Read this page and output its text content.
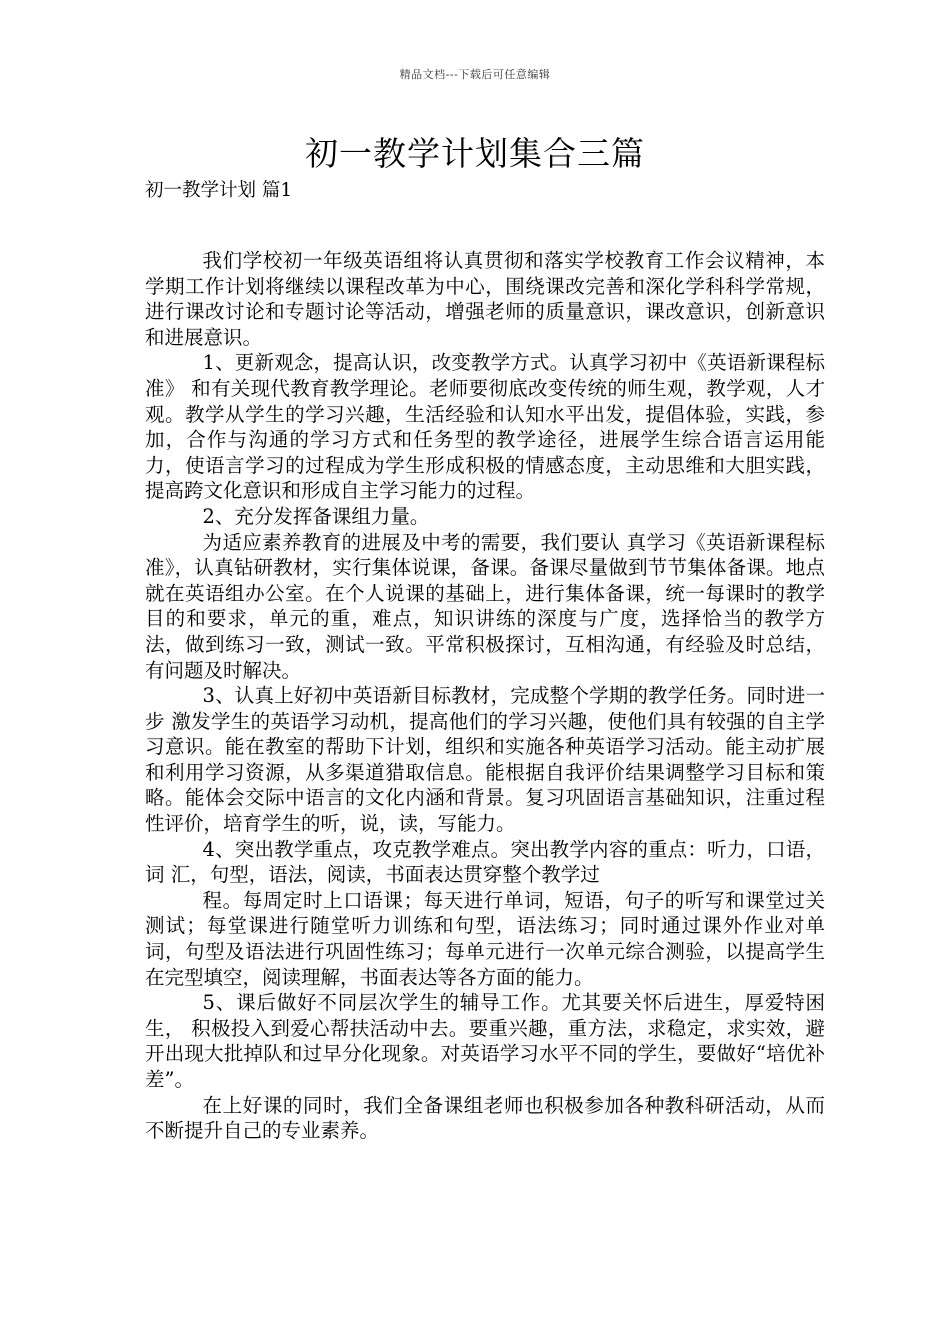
精品文档---下载后可任意编辑
初一教学计划集合三篇
初一教学计划 篇1

我们学校初一年级英语组将认真贯彻和落实学校教育工作会议精神，本学期工作计划将继续以课程改革为中心，围绕课改完善和深化学科科学常规，进行课改讨论和专题讨论等活动，增强老师的质量意识，课改意识，创新意识和进展意识。

1、更新观念，提高认识，改变教学方式。认真学习初中《英语新课程标准》 和有关现代教育教学理论。老师要彻底改变传统的师生观，教学观，人才观。教学从学生的学习兴趣，生活经验和认知水平出发，提倡体验，实践，参加，合作与沟通的学习方式和任务型的教学途径，进展学生综合语言运用能力，使语言学习的过程成为学生形成积极的情感态度，主动思维和大胆实践，提高跨文化意识和形成自主学习能力的过程。

2、充分发挥备课组力量。

为适应素养教育的进展及中考的需要，我们要认 真学习《英语新课程标准》，认真钻研教材，实行集体说课，备课。备课尽量做到节节集体备课。地点就在英语组办公室。在个人说课的基础上，进行集体备课，统一每课时的教学目的和要求，单元的重，难点，知识讲练的深度与广度，选择恰当的教学方法，做到练习一致，测试一致。平常积极探讨，互相沟通，有经验及时总结，有问题及时解决。

3、认真上好初中英语新目标教材，完成整个学期的教学任务。同时进一步 激发学生的英语学习动机，提高他们的学习兴趣，使他们具有较强的自主学习意识。能在教室的帮助下计划，组织和实施各种英语学习活动。能主动扩展和利用学习资源，从多渠道猎取信息。能根据自我评价结果调整学习目标和策略。能体会交际中语言的文化内涵和背景。复习巩固语言基础知识，注重过程性评价，培育学生的听，说，读，写能力。

4、突出教学重点，攻克教学难点。突出教学内容的重点：听力，口语，词 汇，句型，语法，阅读，书面表达贯穿整个教学过

程。每周定时上口语课；每天进行单词，短语，句子的听写和课堂过关测试；每堂课进行随堂听力训练和句型，语法练习；同时通过课外作业对单词，句型及语法进行巩固性练习；每单元进行一次单元综合测验，以提高学生在完型填空，阅读理解，书面表达等各方面的能力。

5、课后做好不同层次学生的辅导工作。尤其要关怀后进生，厚爱特困生， 积极投入到爱心帮扶活动中去。要重兴趣，重方法，求稳定，求实效，避开出现大批掉队和过早分化现象。对英语学习水平不同的学生，要做好“培优补差”。

在上好课的同时，我们全备课组老师也积极参加各种教科研活动，从而不断提升自己的专业素养。
